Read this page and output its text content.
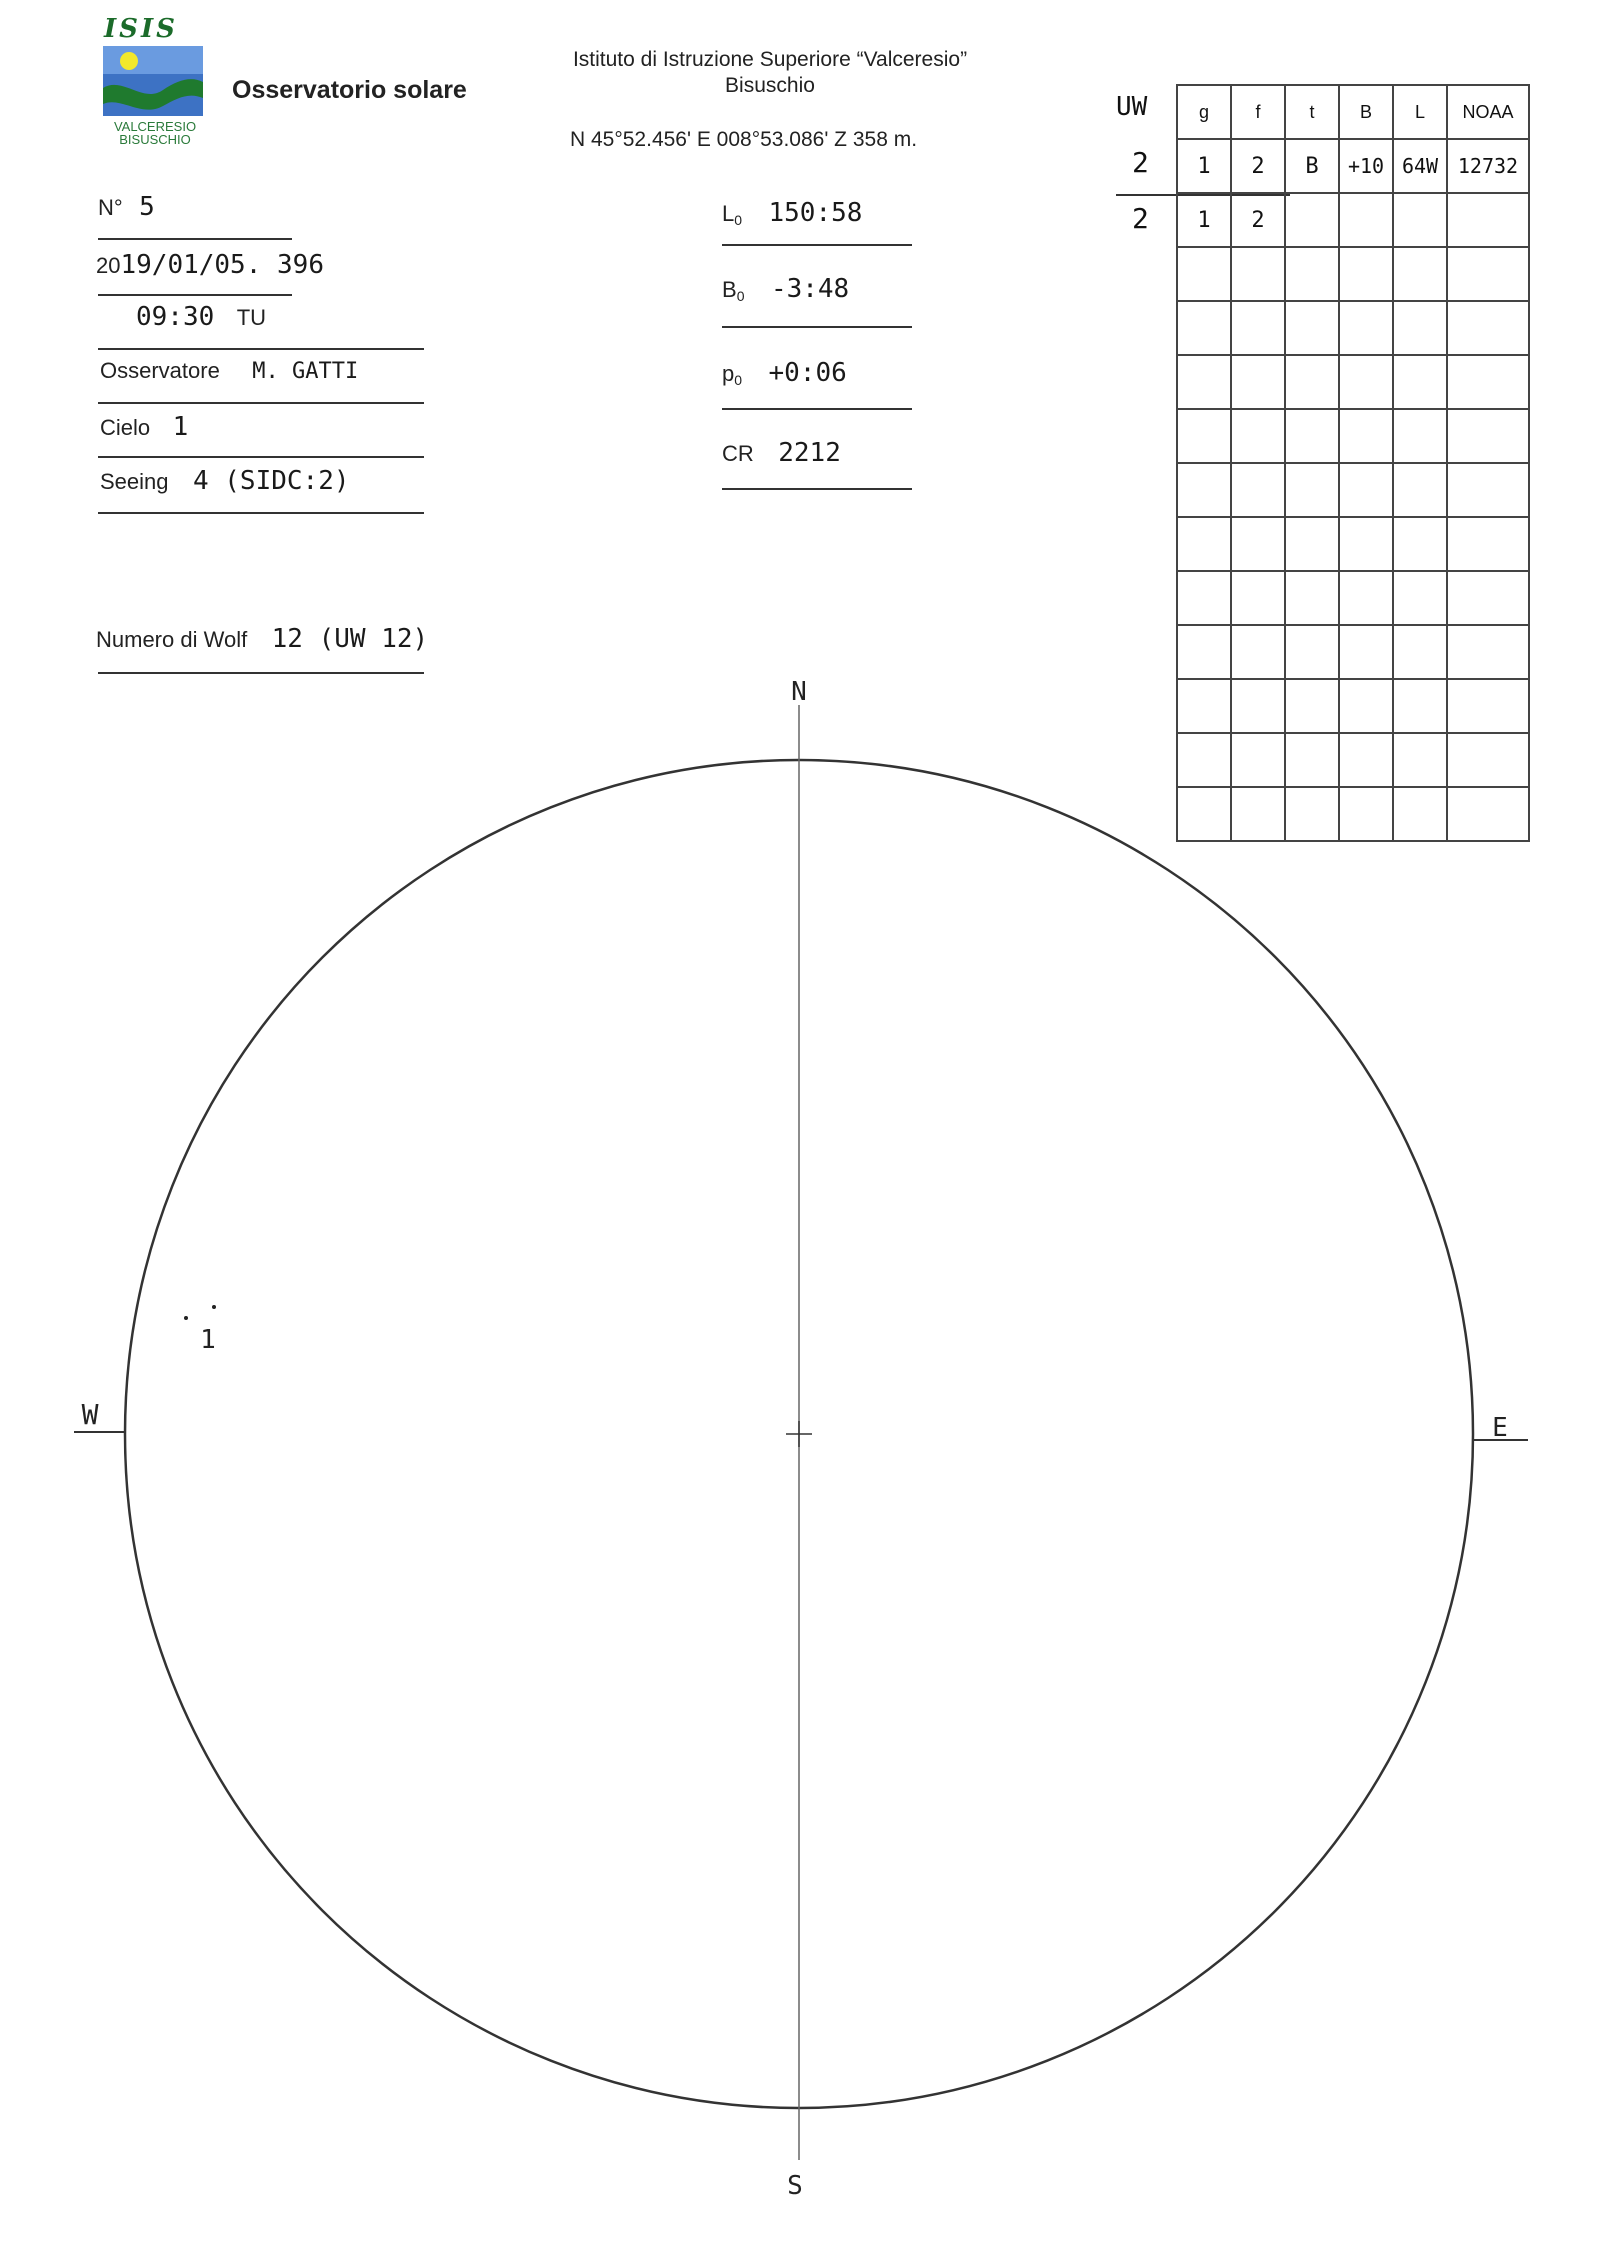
ISIS
VALCERESIO
BISUSCHIO
Osservatorio solare
Istituto di Istruzione Superiore “Valceresio”
Bisuschio
N 45°52.456' E 008°53.086' Z 358 m.
N° 5
2019/01/05. 396
09:30 TU
Osservatore M. GATTI
Cielo 1
Seeing 4 (SIDC:2)
Numero di Wolf 12 (UW 12)
$L_0$ 150:58
$B_0$ -3:48
$p_0$ +0:06
CR 2212
UW
2
2
g	f	t	B	L	NOAA
1	2	B	+10	64W	12732
1	2				

N
S
E
W
1
